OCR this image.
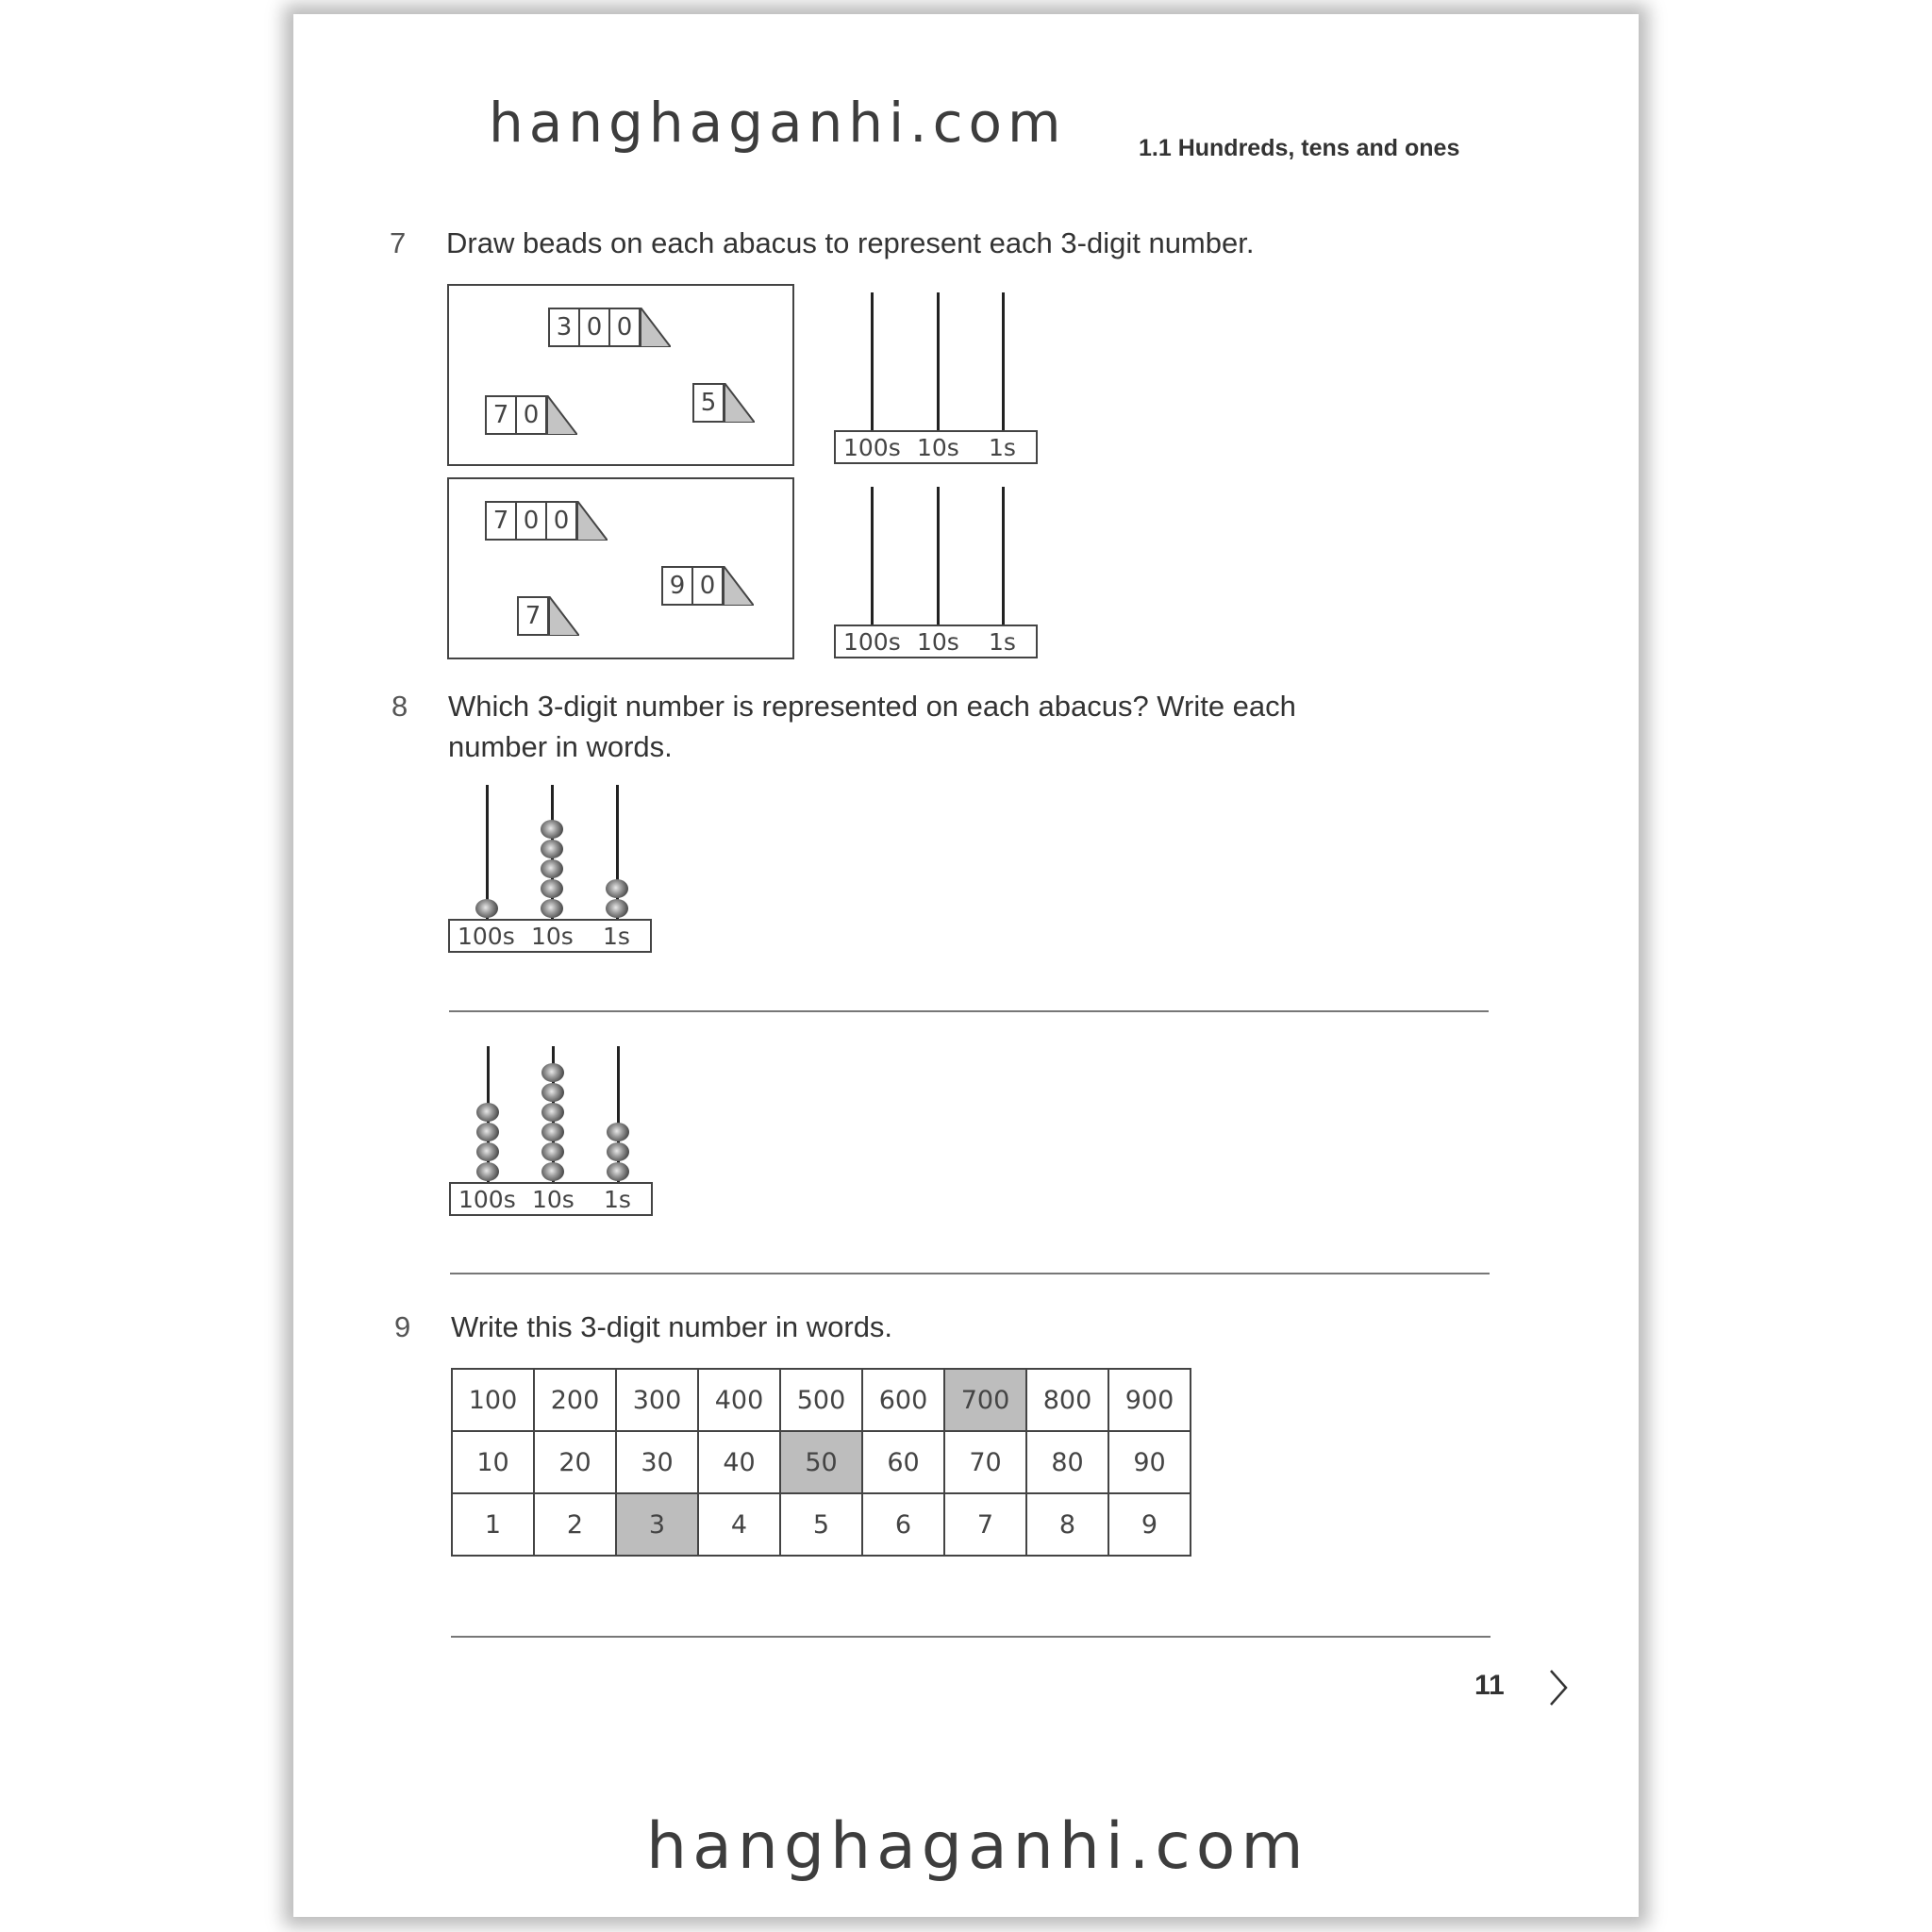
hanghaganhi.com	1.1 Hundreds, tens and ones
7 Draw beads on each abacus to represent each 3-digit number.
3 0 0
7 0	5
7 0 0
9 0
7
100s 10s 1s
100s 10s 1s
8 Which 3-digit number is represented on each abacus? Write each
number in words.
100s 10s 1s
100s 10s 1s
9 Write this 3-digit number in words.
100	200	300	400	500	600	700	800	900
10	20	30	40	50	60	70	80	90
1	2	3	4	5	6	7	8	9
11
hanghaganhi.com
